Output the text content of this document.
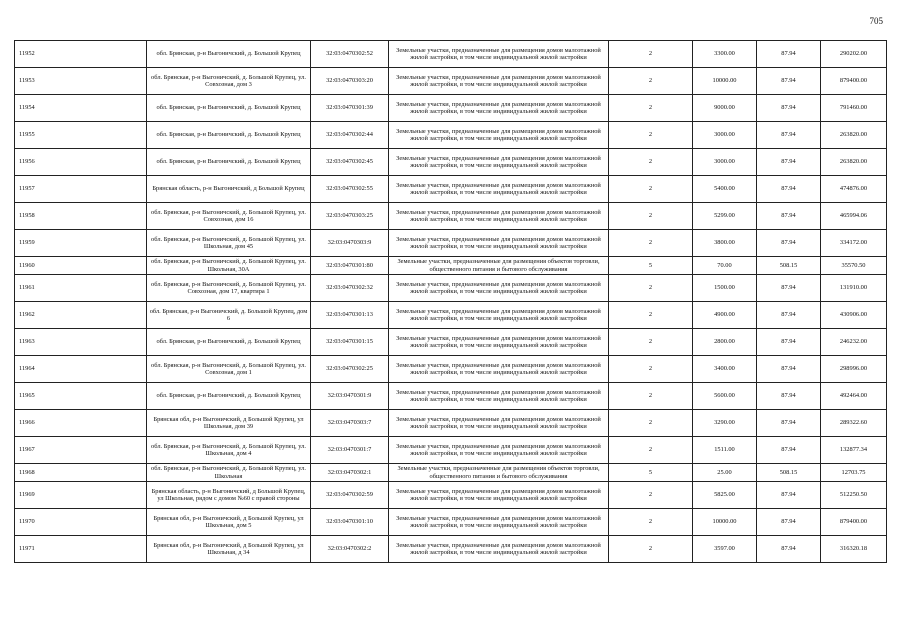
705
11952	обл. Брянская, р-н Выгоничский, д. Большой Крупец	32:03:0470302:52	Земельные участки, предназначенные для размещения домов малоэтажной жилой застройки, в том числе индивидуальной жилой застройки	2	3300.00	87.94	290202.00
11953	обл. Брянская, р-н Выгоничский, д. Большой Крупец, ул. Совхозная, дом 3	32:03:0470303:20	Земельные участки, предназначенные для размещения домов малоэтажной жилой застройки, в том числе индивидуальной жилой застройки	2	10000.00	87.94	879400.00
11954	обл. Брянская, р-н Выгоничский, д. Большой Крупец	32:03:0470301:39	Земельные участки, предназначенные для размещения домов малоэтажной жилой застройки, в том числе индивидуальной жилой застройки	2	9000.00	87.94	791460.00
11955	обл. Брянская, р-н Выгоничский, д. Большой Крупец	32:03:0470302:44	Земельные участки, предназначенные для размещения домов малоэтажной жилой застройки, в том числе индивидуальной жилой застройки	2	3000.00	87.94	263820.00
11956	обл. Брянская, р-н Выгоничский, д. Большой Крупец	32:03:0470302:45	Земельные участки, предназначенные для размещения домов малоэтажной жилой застройки, в том числе индивидуальной жилой застройки	2	3000.00	87.94	263820.00
11957	Брянская область, р-н Выгоничский, д Большой Крупец	32:03:0470302:55	Земельные участки, предназначенные для размещения домов малоэтажной жилой застройки, в том числе индивидуальной жилой застройки	2	5400.00	87.94	474876.00
11958	обл. Брянская, р-н Выгоничский, д. Большой Крупец, ул. Совхозная, дом 16	32:03:0470303:25	Земельные участки, предназначенные для размещения домов малоэтажной жилой застройки, в том числе индивидуальной жилой застройки	2	5299.00	87.94	465994.06
11959	обл. Брянская, р-н Выгоничский, д. Большой Крупец, ул. Школьная, дом 45	32:03:0470303:9	Земельные участки, предназначенные для размещения домов малоэтажной жилой застройки, в том числе индивидуальной жилой застройки	2	3800.00	87.94	334172.00
11960	обл. Брянская, р-н Выгоничский, д. Большой Крупец, ул. Школьная, 30А	32:03:0470301:80	Земельные участки, предназначенные для размещения объектов торговли, общественного питания и бытового обслуживания	5	70.00	508.15	35570.50
11961	обл. Брянская, р-н Выгоничский, д. Большой Крупец, ул. Совхозная, дом 17, квартира 1	32:03:0470302:32	Земельные участки, предназначенные для размещения домов малоэтажной жилой застройки, в том числе индивидуальной жилой застройки	2	1500.00	87.94	131910.00
11962	обл. Брянская, р-н Выгоничский, д. Большой Крупец, дом 6	32:03:0470301:13	Земельные участки, предназначенные для размещения домов малоэтажной жилой застройки, в том числе индивидуальной жилой застройки	2	4900.00	87.94	430906.00
11963	обл. Брянская, р-н Выгоничский, д. Большой Крупец	32:03:0470301:15	Земельные участки, предназначенные для размещения домов малоэтажной жилой застройки, в том числе индивидуальной жилой застройки	2	2800.00	87.94	246232.00
11964	обл. Брянская, р-н Выгоничский, д. Большой Крупец, ул. Совхозная, дом 1	32:03:0470302:25	Земельные участки, предназначенные для размещения домов малоэтажной жилой застройки, в том числе индивидуальной жилой застройки	2	3400.00	87.94	298996.00
11965	обл. Брянская, р-н Выгоничский, д. Большой Крупец	32:03:0470301:9	Земельные участки, предназначенные для размещения домов малоэтажной жилой застройки, в том числе индивидуальной жилой застройки	2	5600.00	87.94	492464.00
11966	Брянская обл, р-н Выгоничский, д Большой Крупец, ул Школьная, дом 39	32:03:0470303:7	Земельные участки, предназначенные для размещения домов малоэтажной жилой застройки, в том числе индивидуальной жилой застройки	2	3290.00	87.94	289322.60
11967	обл. Брянская, р-н Выгоничский, д. Большой Крупец, ул. Школьная, дом 4	32:03:0470301:7	Земельные участки, предназначенные для размещения домов малоэтажной жилой застройки, в том числе индивидуальной жилой застройки	2	1511.00	87.94	132877.34
11968	обл. Брянская, р-н Выгоничский, д. Большой Крупец, ул. Школьная	32:03:0470302:1	Земельные участки, предназначенные для размещения объектов торговли, общественного питания и бытового обслуживания	5	25.00	508.15	12703.75
11969	Брянская область, р-н Выгоничский, д Большой Крупец, ул Школьная, рядом с домом №60 с правой стороны	32:03:0470302:59	Земельные участки, предназначенные для размещения домов малоэтажной жилой застройки, в том числе индивидуальной жилой застройки	2	5825.00	87.94	512250.50
11970	Брянская обл, р-н Выгоничский, д Большой Крупец, ул Школьная, дом 5	32:03:0470301:10	Земельные участки, предназначенные для размещения домов малоэтажной жилой застройки, в том числе индивидуальной жилой застройки	2	10000.00	87.94	879400.00
11971	Брянская обл, р-н Выгоничский, д Большой Крупец, ул Школьная, д 34	32:03:0470302:2	Земельные участки, предназначенные для размещения домов малоэтажной жилой застройки, в том числе индивидуальной жилой застройки	2	3597.00	87.94	316320.18
